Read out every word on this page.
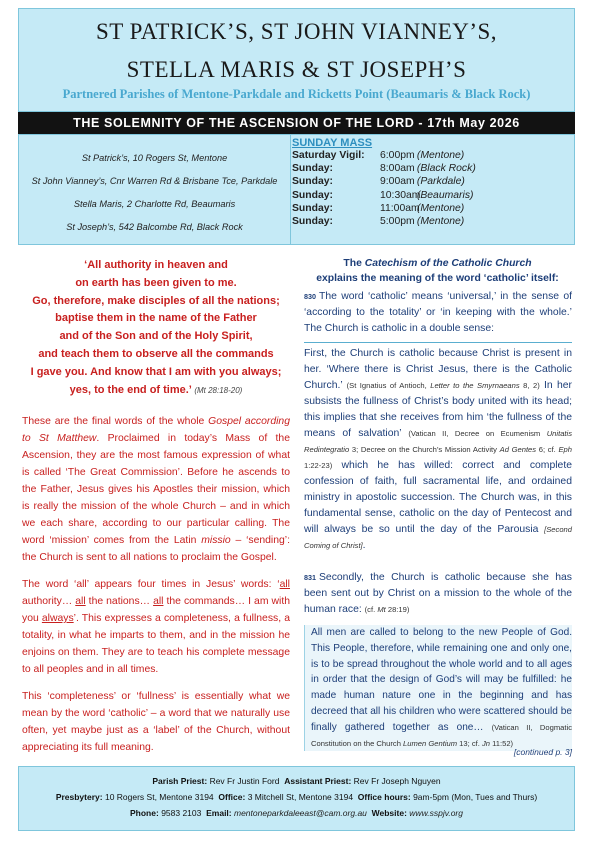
ST PATRICK’S, ST JOHN VIANNEY’S,
STELLA MARIS & ST JOSEPH’S
Partnered Parishes of Mentone-Parkdale and Ricketts Point (Beaumaris & Black Rock)
THE SOLEMNITY OF THE ASCENSION OF THE LORD - 17th May 2026
St Patrick’s, 10 Rogers St, Mentone
St John Vianney’s, Cnr Warren Rd & Brisbane Tce, Parkdale
Stella Maris, 2 Charlotte Rd, Beaumaris
St Joseph’s, 542 Balcombe Rd, Black Rock
SUNDAY MASS
Saturday Vigil: 6:00pm (Mentone)
Sunday:	8:00am (Black Rock)
Sunday:	9:00am (Parkdale)
Sunday:	10:30am (Beaumaris)
Sunday:	11:00am (Mentone)
Sunday:	5:00pm (Mentone)
‘All authority in heaven and
on earth has been given to me.
Go, therefore, make disciples of all the nations;
baptise them in the name of the Father
and of the Son and of the Holy Spirit,
and teach them to observe all the commands
I gave you. And know that I am with you always;
yes, to the end of time.’ (Mt 28:18-20)

These are the final words of the whole Gospel according to St Matthew. Proclaimed in today’s Mass of the Ascension, they are the most famous expression of what is called ‘The Great Commission’. Before he ascends to the Father, Jesus gives his Apostles their mission, which is really the mission of the whole Church – and in which we each share, according to our particular calling. The word ‘mission’ comes from the Latin missio – ‘sending’: the Church is sent to all nations to proclaim the Gospel.

The word ‘all’ appears four times in Jesus’ words: ‘all authority… all the nations… all the commands… I am with you always’. This expresses a completeness, a fullness, a totality, in what he imparts to them, and in the mission he enjoins on them. They are to teach his complete message to all peoples and in all times.

This ‘completeness’ or ‘fullness’ is essentially what we mean by the word ‘catholic’ – a word that we naturally use often, yet maybe just as a ‘label’ of the Church, without appreciating its full meaning.

The Catechism of the Catholic Church
explains the meaning of the word ‘catholic’ itself:

830 The word ‘catholic’ means ‘universal,’ in the sense of ‘according to the totality’ or ‘in keeping with the whole.’ The Church is catholic in a double sense:

First, the Church is catholic because Christ is present in her. ‘Where there is Christ Jesus, there is the Catholic Church.’ (St Ignatius of Antioch, Letter to the Smyrnaeans 8, 2) In her subsists the fullness of Christ’s body united with its head; this implies that she receives from him ‘the fullness of the means of salvation’ (Vatican II, Decree on Ecumenism Unitatis Redintegratio 3; Decree on the Church’s Mission Activity Ad Gentes 6; cf. Eph 1:22-23) which he has willed: correct and complete confession of faith, full sacramental life, and ordained ministry in apostolic succession. The Church was, in this fundamental sense, catholic on the day of Pentecost and will always be so until the day of the Parousia [Second Coming of Christ].

831 Secondly, the Church is catholic because she has been sent out by Christ on a mission to the whole of the human race: (cf. Mt 28:19)

All men are called to belong to the new People of God. This People, therefore, while remaining one and only one, is to be spread throughout the whole world and to all ages in order that the design of God’s will may be fulfilled: he made human nature one in the beginning and has decreed that all his children who were scattered should be finally gathered together as one… (Vatican II, Dogmatic Constitution on the Church Lumen Gentium 13; cf. Jn 11:52)

[continued p. 3]
Parish Priest: Rev Fr Justin Ford Assistant Priest: Rev Fr Joseph Nguyen
Presbytery: 10 Rogers St, Mentone 3194 Office: 3 Mitchell St, Mentone 3194 Office hours: 9am-5pm (Mon, Tues and Thurs)
Phone: 9583 2103 Email: mentoneparkdaleeast@cam.org.au Website: www.sspjv.org
